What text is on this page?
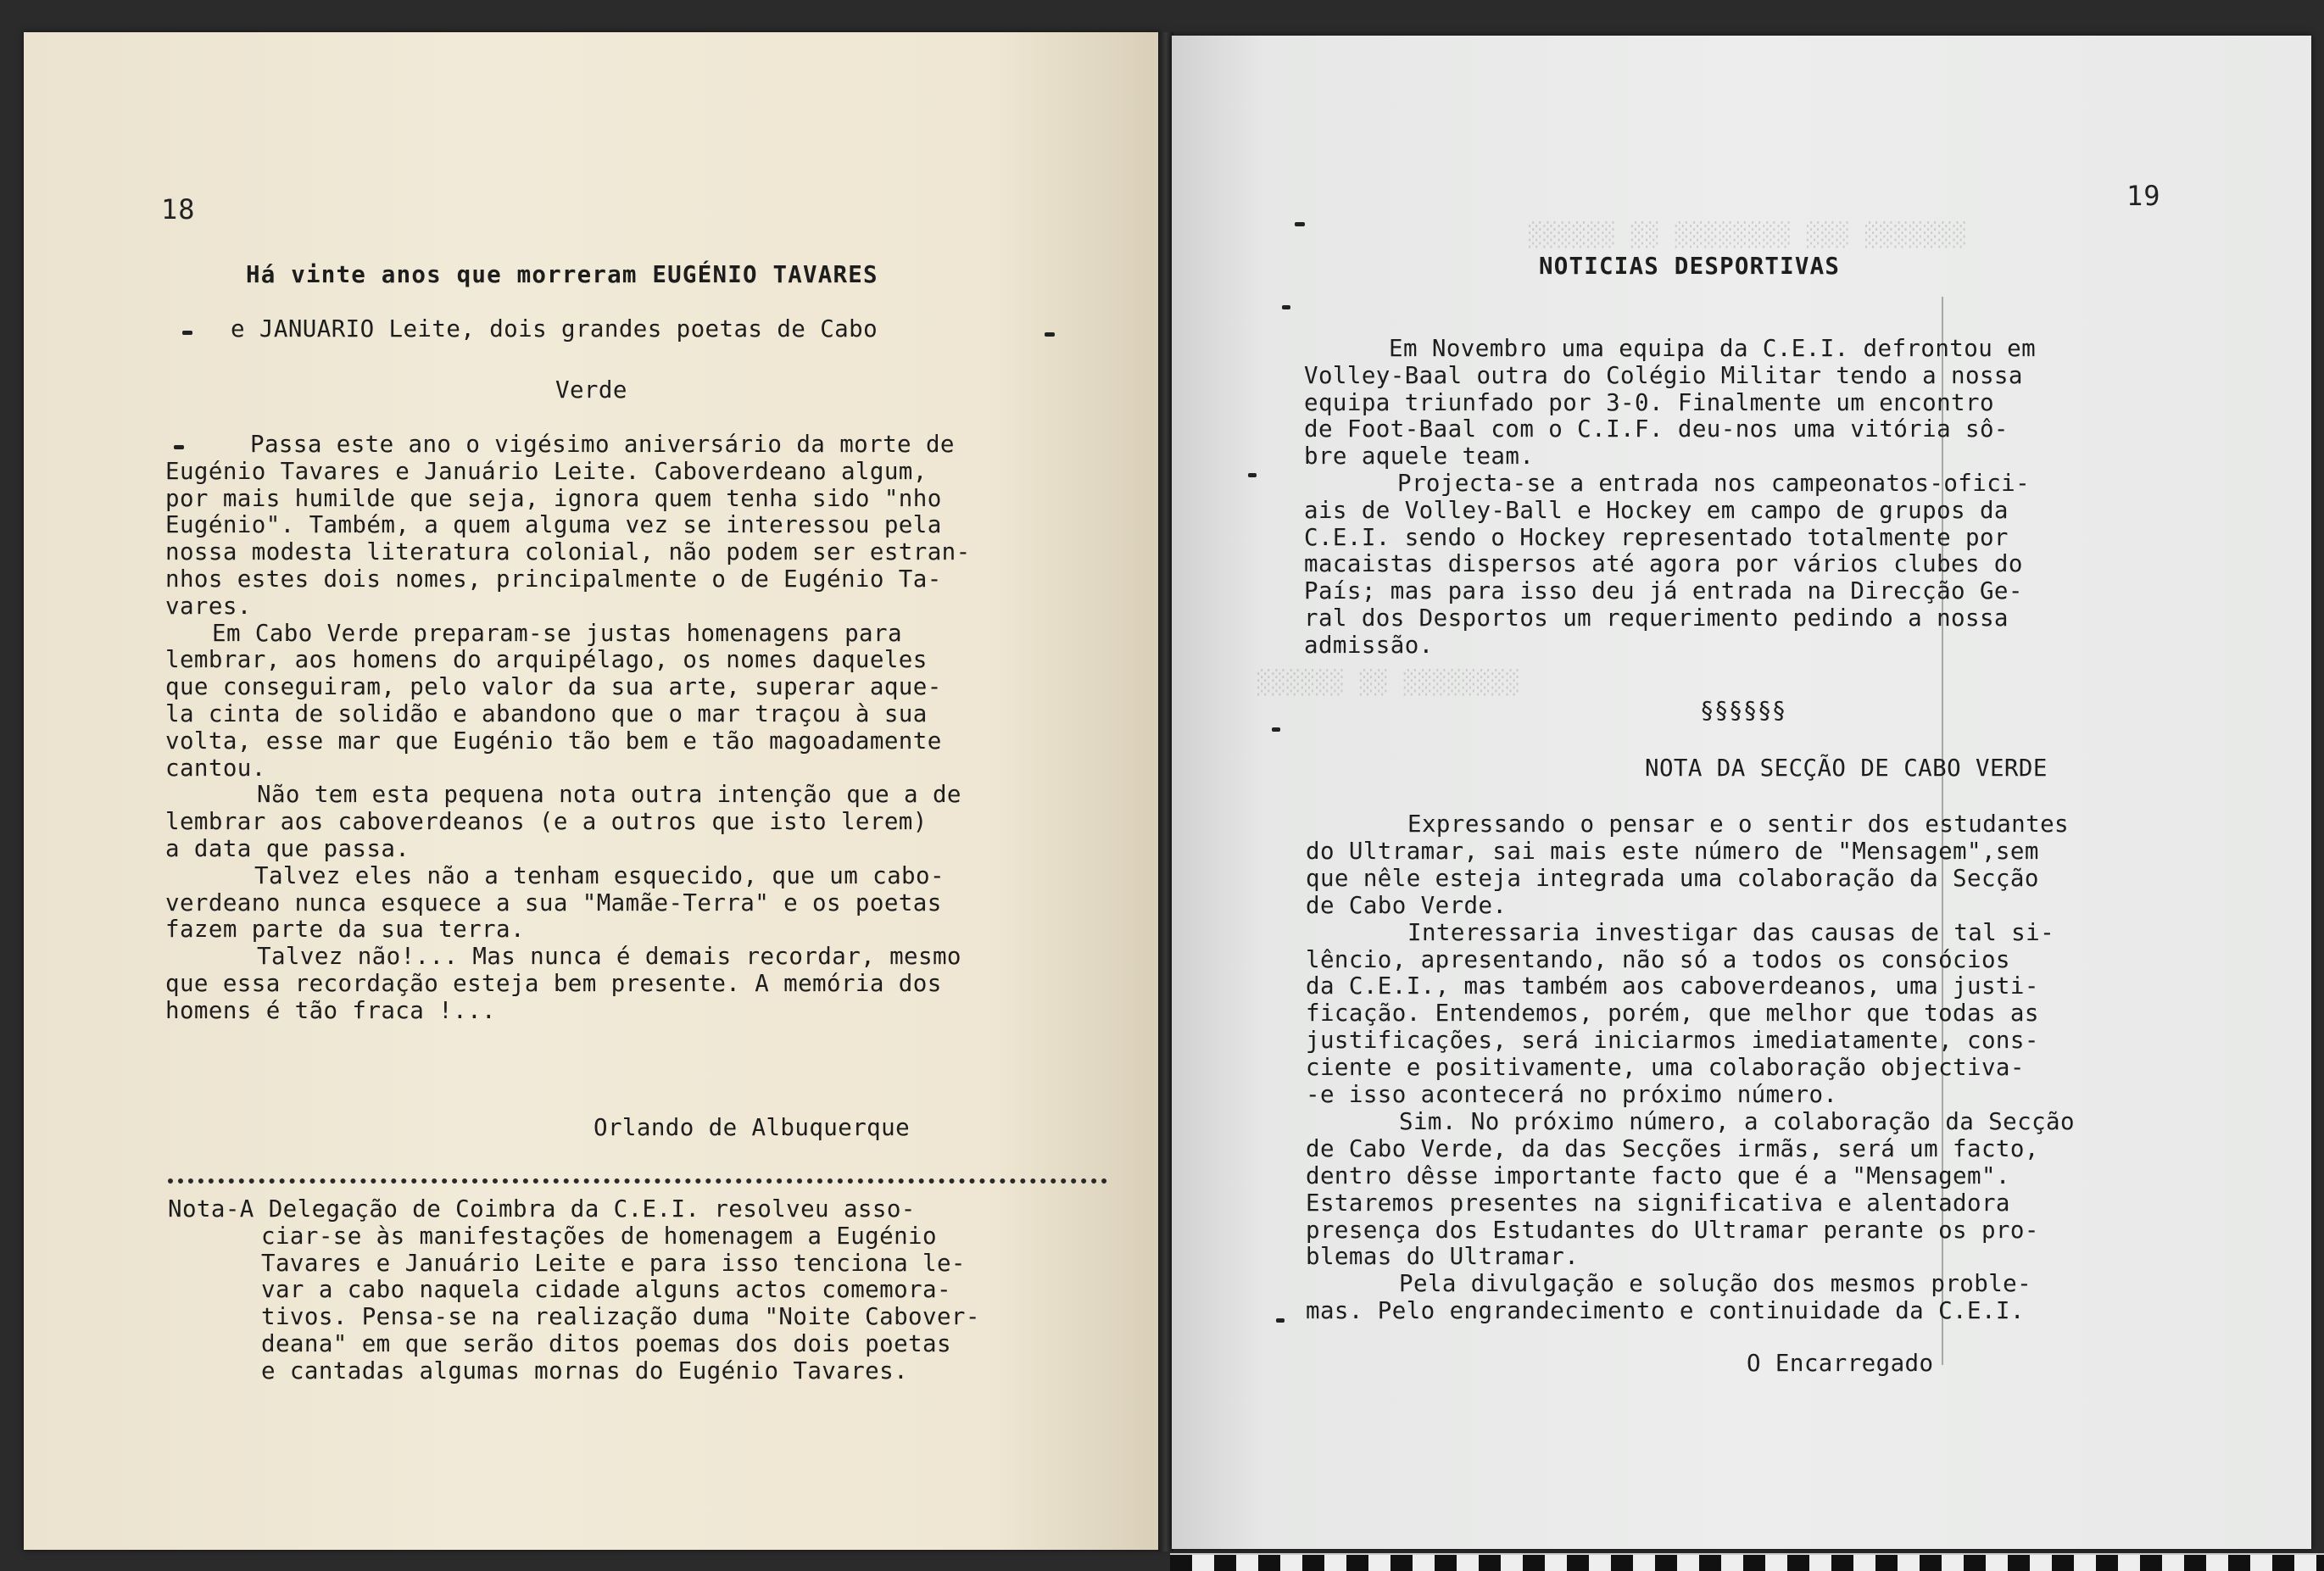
18
Há vinte anos que morreram EUGÉNIO TAVARES
e JANUARIO Leite, dois grandes poetas de Cabo
Verde
Passa este ano o vigésimo aniversário da morte de
Eugénio Tavares e Januário Leite. Caboverdeano algum,
por mais humilde que seja, ignora quem tenha sido "nho
Eugénio". Também, a quem alguma vez se interessou pela
nossa modesta literatura colonial, não podem ser estran-
nhos estes dois nomes, principalmente o de Eugénio Ta-
vares.
Em Cabo Verde preparam-se justas homenagens para
lembrar, aos homens do arquipélago, os nomes daqueles
que conseguiram, pelo valor da sua arte, superar aque-
la cinta de solidão e abandono que o mar traçou à sua
volta, esse mar que Eugénio tão bem e tão magoadamente
cantou.
Não tem esta pequena nota outra intenção que a de
lembrar aos caboverdeanos (e a outros que isto lerem)
a data que passa.
Talvez eles não a tenham esquecido, que um cabo-
verdeano nunca esquece a sua "Mamãe-Terra" e os poetas
fazem parte da sua terra.
Talvez não!... Mas nunca é demais recordar, mesmo
que essa recordação esteja bem presente. A memória dos
homens é tão fraca !...
Orlando de Albuquerque
Nota-A Delegação de Coimbra da C.E.I. resolveu asso-
ciar-se às manifestações de homenagem a Eugénio
Tavares e Januário Leite e para isso tenciona le-
var a cabo naquela cidade alguns actos comemora-
tivos. Pensa-se na realização duma "Noite Cabover-
deana" em que serão ditos poemas dos dois poetas
e cantadas algumas mornas do Eugénio Tavares.
19
NOTICIAS DESPORTIVAS
Em Novembro uma equipa da C.E.I. defrontou em
Volley-Baal outra do Colégio Militar tendo a nossa
equipa triunfado por 3-0. Finalmente um encontro
de Foot-Baal com o C.I.F. deu-nos uma vitória sô-
bre aquele team.
Projecta-se a entrada nos campeonatos-ofici-
ais de Volley-Ball e Hockey em campo de grupos da
C.E.I. sendo o Hockey representado totalmente por
macaistas dispersos até agora por vários clubes do
País; mas para isso deu já entrada na Direcção Ge-
ral dos Desportos um requerimento pedindo a nossa
admissão.
§§§§§§
NOTA DA SECÇÃO DE CABO VERDE
Expressando o pensar e o sentir dos estudantes
do Ultramar, sai mais este número de "Mensagem",sem
que nêle esteja integrada uma colaboração da Secção
de Cabo Verde.
Interessaria investigar das causas de tal si-
lêncio, apresentando, não só a todos os consócios
da C.E.I., mas também aos caboverdeanos, uma justi-
ficação. Entendemos, porém, que melhor que todas as
justificações, será iniciarmos imediatamente, cons-
ciente e positivamente, uma colaboração objectiva-
-e isso acontecerá no próximo número.
Sim. No próximo número, a colaboração da Secção
de Cabo Verde, da das Secções irmãs, será um facto,
dentro dêsse importante facto que é a "Mensagem".
Estaremos presentes na significativa e alentadora
presença dos Estudantes do Ultramar perante os pro-
blemas do Ultramar.
Pela divulgação e solução dos mesmos proble-
mas. Pelo engrandecimento e continuidade da C.E.I.
O Encarregado
░░░░░░░ ░░░ ░░░░░░░░ ░░ ░░░░░░
░░░░░░░░ ░░ ░░░░░░
